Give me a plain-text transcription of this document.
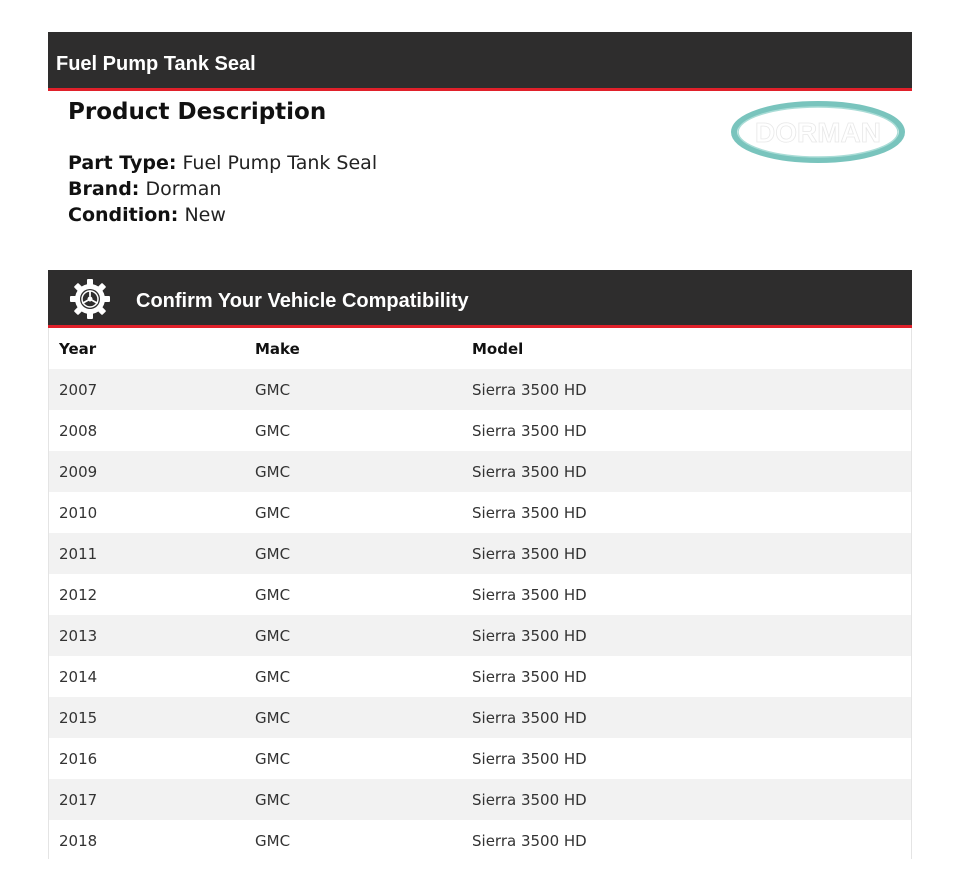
Fuel Pump Tank Seal
Product Description
Part Type: Fuel Pump Tank Seal
Brand: Dorman
Condition: New
DORMAN
Confirm Your Vehicle Compatibility
Year	Make	Model
2007	GMC	Sierra 3500 HD
2008	GMC	Sierra 3500 HD
2009	GMC	Sierra 3500 HD
2010	GMC	Sierra 3500 HD
2011	GMC	Sierra 3500 HD
2012	GMC	Sierra 3500 HD
2013	GMC	Sierra 3500 HD
2014	GMC	Sierra 3500 HD
2015	GMC	Sierra 3500 HD
2016	GMC	Sierra 3500 HD
2017	GMC	Sierra 3500 HD
2018	GMC	Sierra 3500 HD
